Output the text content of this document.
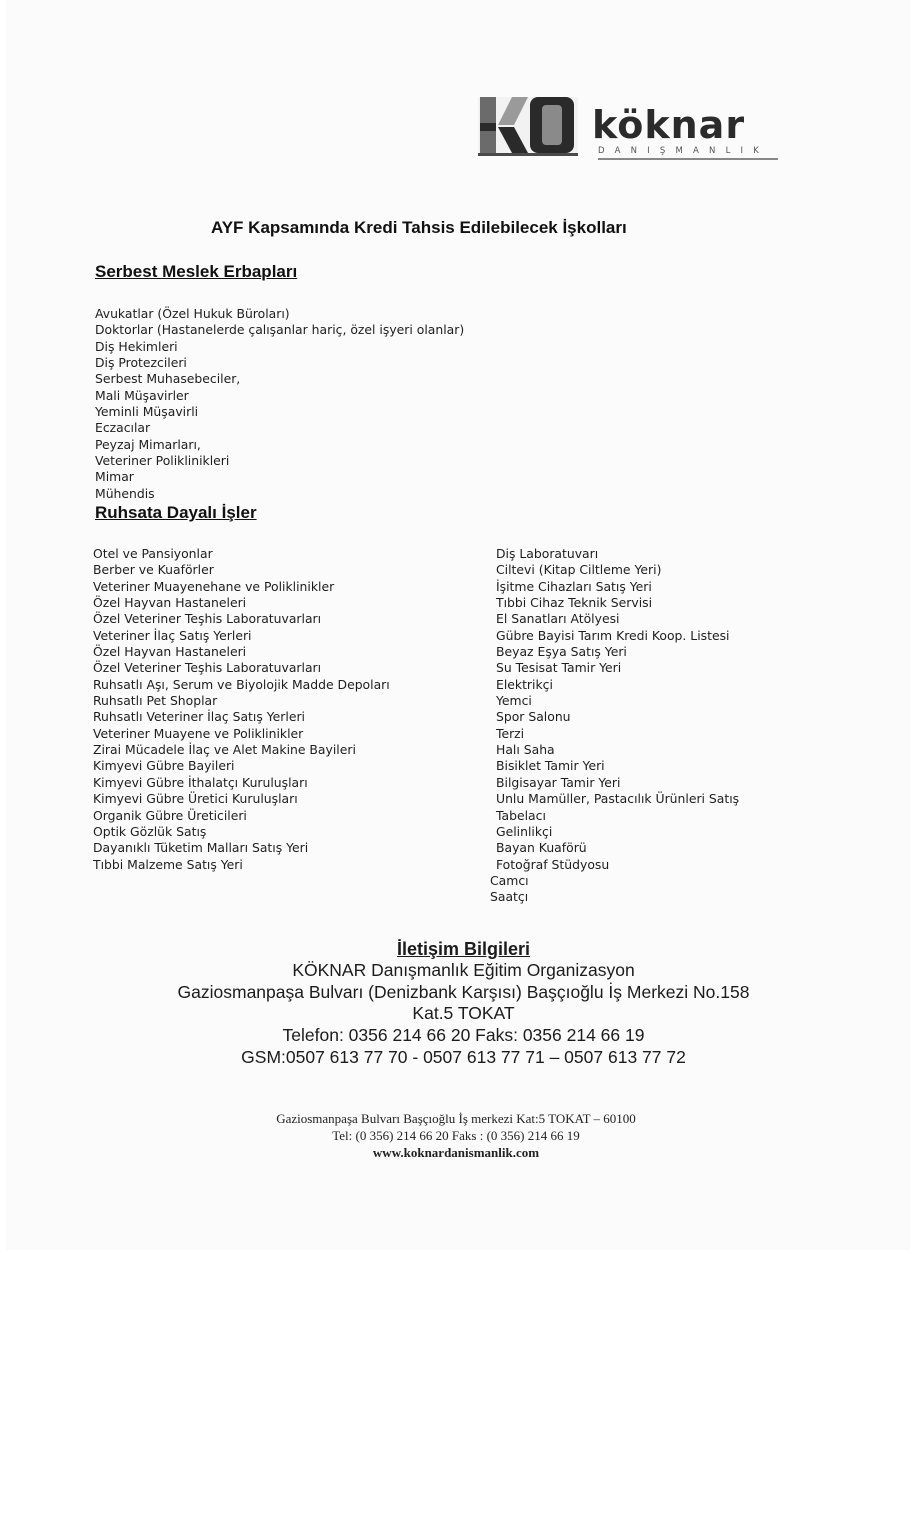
köknar
DANIŞMANLIK
AYF Kapsamında Kredi Tahsis Edilebilecek İşkolları
Serbest Meslek Erbapları
Avukatlar (Özel Hukuk Büroları)
Doktorlar (Hastanelerde çalışanlar hariç, özel işyeri olanlar)
Diş Hekimleri
Diş Protezcileri
Serbest Muhasebeciler,
Mali Müşavirler
Yeminli Müşavirli
Eczacılar
Peyzaj Mimarları,
Veteriner Poliklinikleri
Mimar
Mühendis
Ruhsata Dayalı İşler
Otel ve Pansiyonlar
Berber ve Kuaförler
Veteriner Muayenehane ve Poliklinikler
Özel Hayvan Hastaneleri
Özel Veteriner Teşhis Laboratuvarları
Veteriner İlaç Satış Yerleri
Özel Hayvan Hastaneleri
Özel Veteriner Teşhis Laboratuvarları
Ruhsatlı Aşı, Serum ve Biyolojik Madde Depoları
Ruhsatlı Pet Shoplar
Ruhsatlı Veteriner İlaç Satış Yerleri
Veteriner Muayene ve Poliklinikler
Zirai Mücadele İlaç ve Alet Makine Bayileri
Kimyevi Gübre Bayileri
Kimyevi Gübre İthalatçı Kuruluşları
Kimyevi Gübre Üretici Kuruluşları
Organik Gübre Üreticileri
Optik Gözlük Satış
Dayanıklı Tüketim Malları Satış Yeri
Tıbbi Malzeme Satış Yeri
Diş Laboratuvarı
Ciltevi (Kitap Ciltleme Yeri)
İşitme Cihazları Satış Yeri
Tıbbi Cihaz Teknik Servisi
El Sanatları Atölyesi
Gübre Bayisi Tarım Kredi Koop. Listesi
Beyaz Eşya Satış Yeri
Su Tesisat Tamir Yeri
Elektrikçi
Yemci
Spor Salonu
Terzi
Halı Saha
Bisiklet Tamir Yeri
Bilgisayar Tamir Yeri
Unlu Mamüller, Pastacılık Ürünleri Satış
Tabelacı
Gelinlikçi
Bayan Kuaförü
Fotoğraf Stüdyosu
Camcı
Saatçı
İletişim Bilgileri
KÖKNAR Danışmanlık Eğitim Organizasyon
Gaziosmanpaşa Bulvarı (Denizbank Karşısı) Başçıoğlu İş Merkezi No.158
Kat.5 TOKAT
Telefon: 0356 214 66 20 Faks: 0356 214 66 19
GSM:0507 613 77 70 - 0507 613 77 71 – 0507 613 77 72
Gaziosmanpaşa Bulvarı Başçıoğlu İş merkezi Kat:5 TOKAT – 60100
Tel: (0 356) 214 66 20 Faks : (0 356) 214 66 19
www.koknardanismanlik.com
